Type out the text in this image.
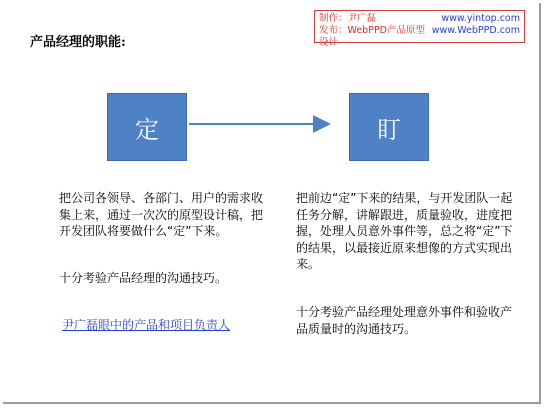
制作：尹广磊	www.yintop.com
发布：WebPPD产品原型设计
www.WebPPD.com
产品经理的职能:
定	盯
把公司各领导、各部门、用户的需求收集上来，通过一次次的原型设计稿，把开发团队将要做什么“定”下来。
十分考验产品经理的沟通技巧。
尹广磊眼中的产品和项目负责人
把前边“定”下来的结果，与开发团队一起任务分解，讲解跟进，质量验收，进度把握，处理人员意外事件等，总之将“定”下的结果，以最接近原来想像的方式实现出来。
十分考验产品经理处理意外事件和验收产品质量时的沟通技巧。
